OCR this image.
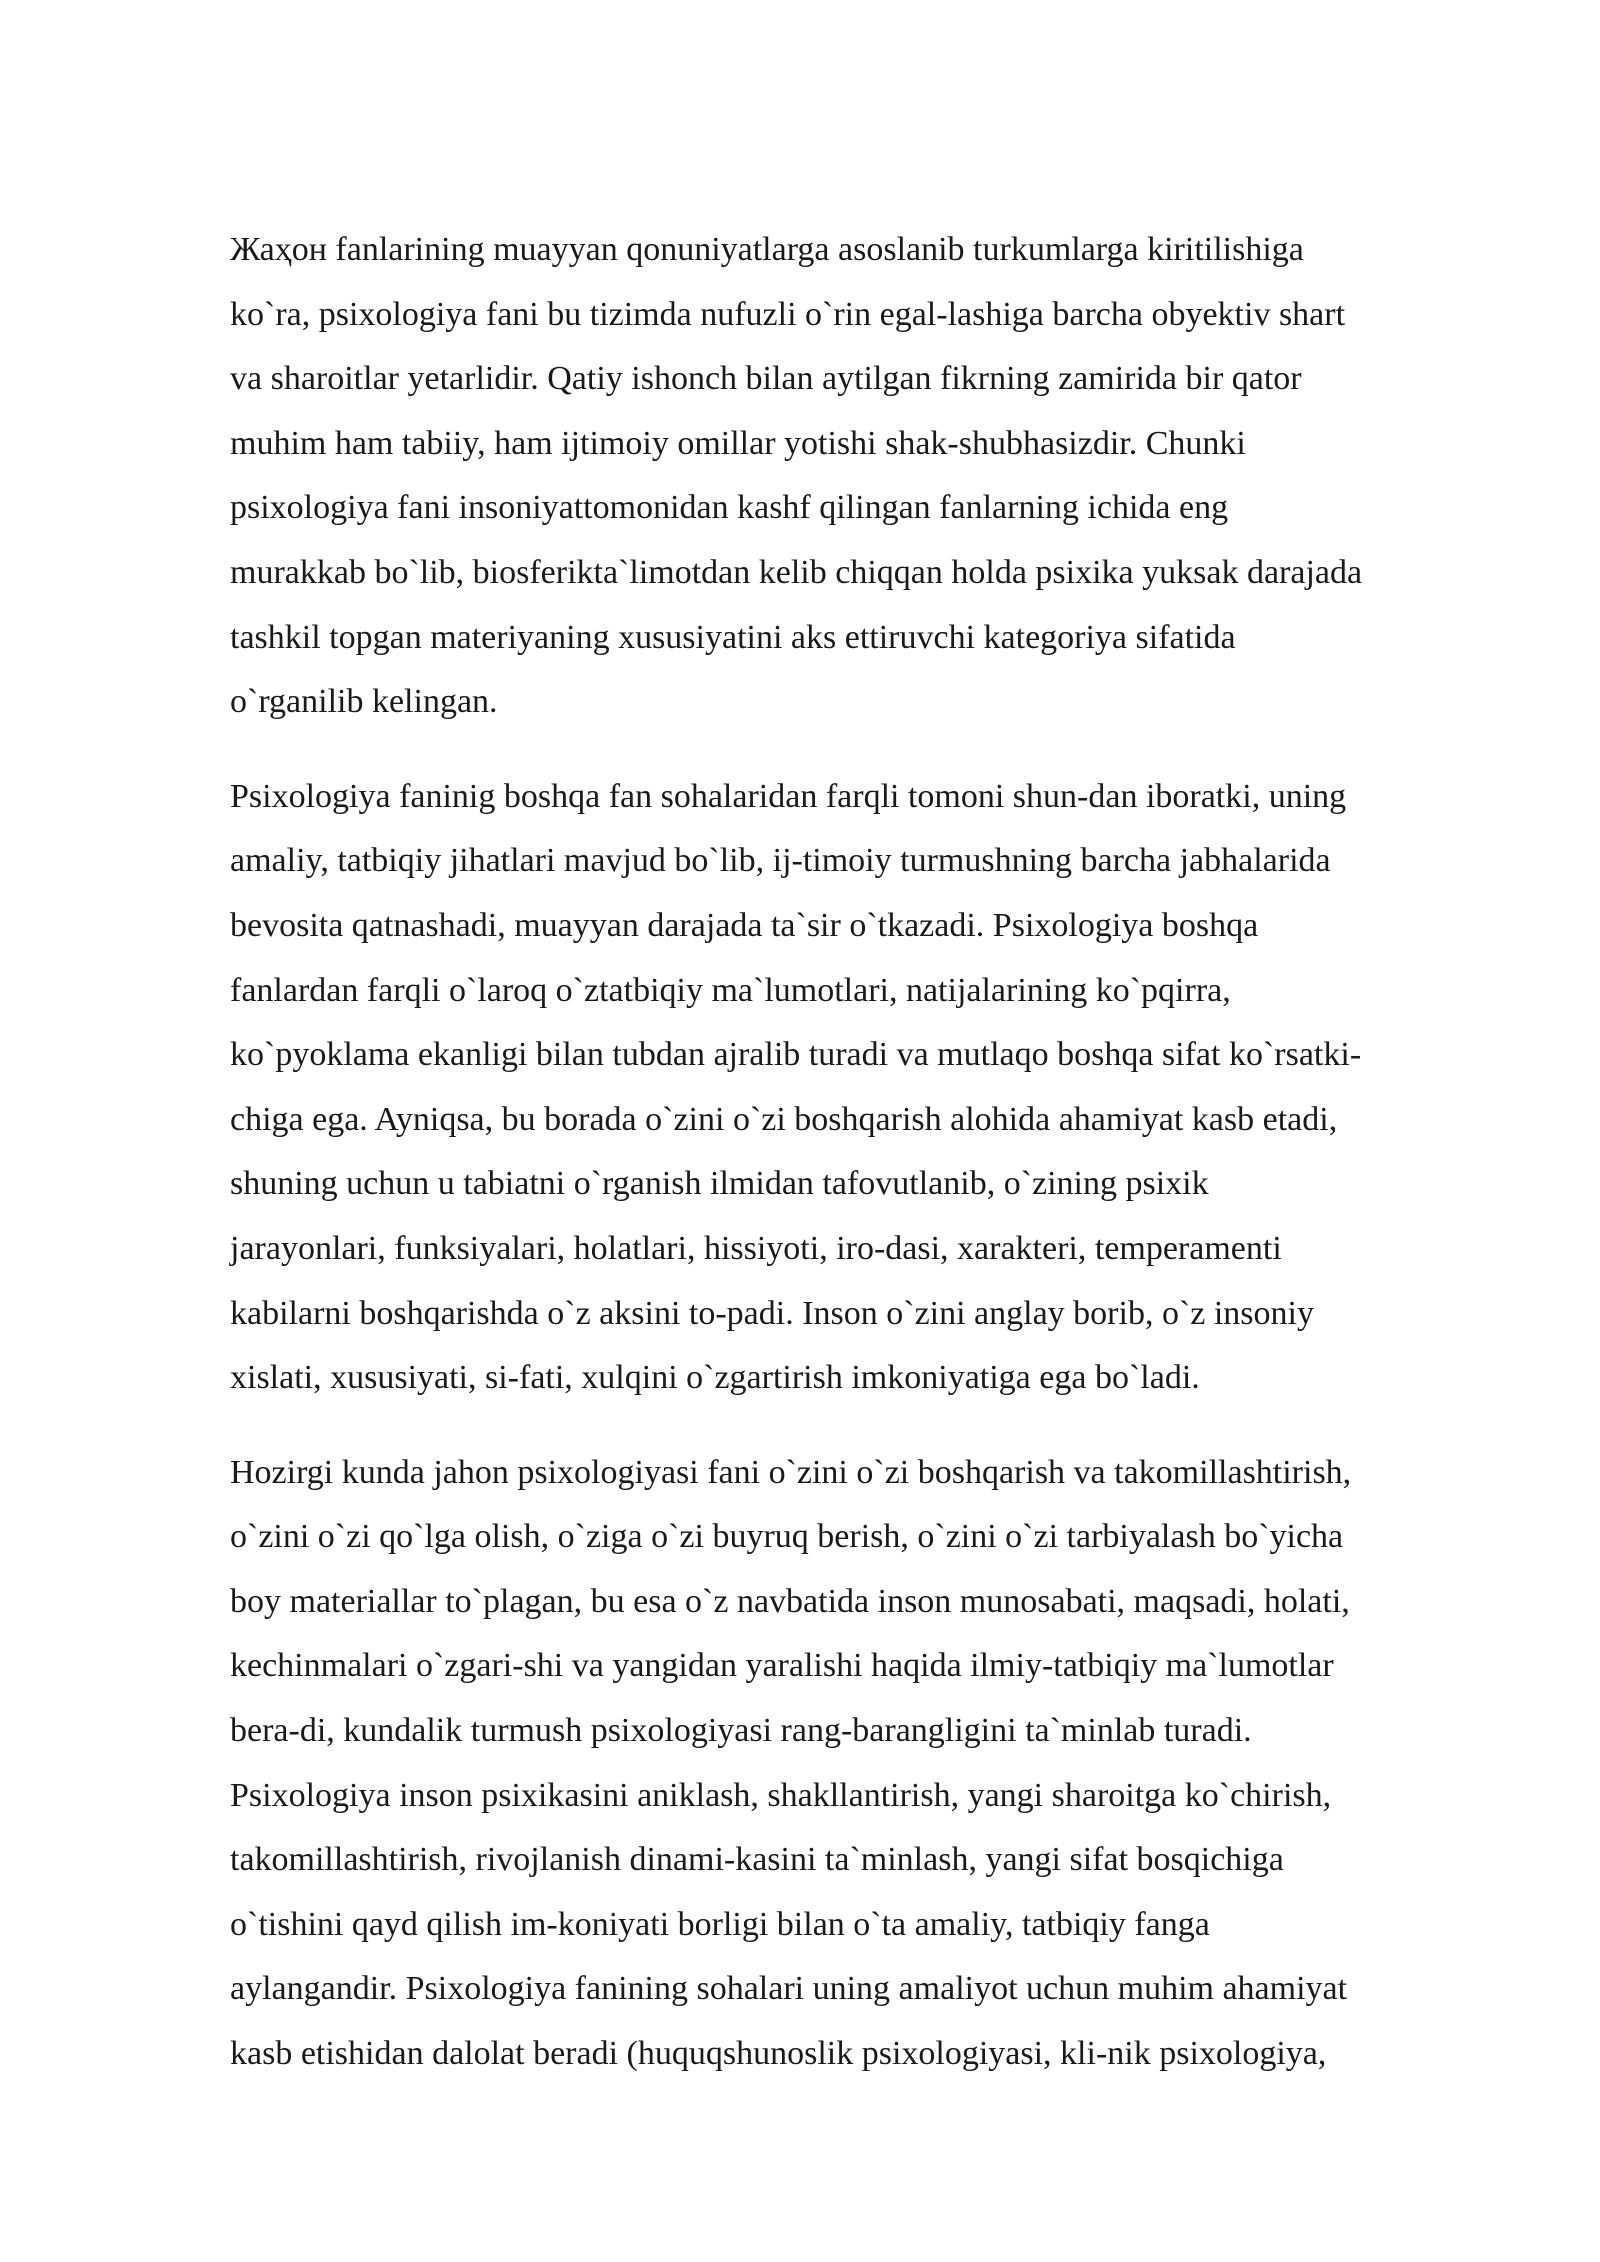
Жаҳон fanlarining muayyan qonuniyatlarga asoslanib turkumlarga kiritilishiga
ko`ra, psixologiya fani bu tizimda nufuzli o`rin egal-lashiga barcha obyektiv shart
va sharoitlar yetarlidir. Qatiy ishonch bilan aytilgan fikrning zamirida bir qator
muhim ham tabiiy, ham ijtimoiy omillar yotishi shak-shubhasizdir. Chunki
psixologiya fani insoniyattomonidan kashf qilingan fanlarning ichida eng
murakkab bo`lib, biosferikta`limotdan kelib chiqqan holda psixika yuksak darajada
tashkil topgan materiyaning xususiyatini aks ettiruvchi kategoriya sifatida
o`rganilib kelingan.

Psixologiya faninig boshqa fan sohalaridan farqli tomoni shun-dan iboratki, uning
amaliy, tatbiqiy jihatlari mavjud bo`lib, ij-timoiy turmushning barcha jabhalarida
bevosita qatnashadi, muayyan darajada ta`sir o`tkazadi. Psixologiya boshqa
fanlardan farqli o`laroq o`ztatbiqiy ma`lumotlari, natijalarining ko`pqirra,
ko`pyoklama ekanligi bilan tubdan ajralib turadi va mutlaqo boshqa sifat ko`rsatki-
chiga ega. Ayniqsa, bu borada o`zini o`zi boshqarish alohida ahamiyat kasb etadi,
shuning uchun u tabiatni o`rganish ilmidan tafovutlanib, o`zining psixik
jarayonlari, funksiyalari, holatlari, hissiyoti, iro-dasi, xarakteri, temperamenti
kabilarni boshqarishda o`z aksini to-padi. Inson o`zini anglay borib, o`z insoniy
xislati, xususiyati, si-fati, xulqini o`zgartirish imkoniyatiga ega bo`ladi.

Hozirgi kunda jahon psixologiyasi fani o`zini o`zi boshqarish va takomillashtirish,
o`zini o`zi qo`lga olish, o`ziga o`zi buyruq berish, o`zini o`zi tarbiyalash bo`yicha
boy materiallar to`plagan, bu esa o`z navbatida inson munosabati, maqsadi, holati,
kechinmalari o`zgari-shi va yangidan yaralishi haqida ilmiy-tatbiqiy ma`lumotlar
bera-di, kundalik turmush psixologiyasi rang-barangligini ta`minlab turadi.
Psixologiya inson psixikasini aniklash, shakllantirish, yangi sharoitga ko`chirish,
takomillashtirish, rivojlanish dinami-kasini ta`minlash, yangi sifat bosqichiga
o`tishini qayd qilish im-koniyati borligi bilan o`ta amaliy, tatbiqiy fanga
aylangandir. Psixologiya fanining sohalari uning amaliyot uchun muhim ahamiyat
kasb etishidan dalolat beradi (huquqshunoslik psixologiyasi, kli-nik psixologiya,
